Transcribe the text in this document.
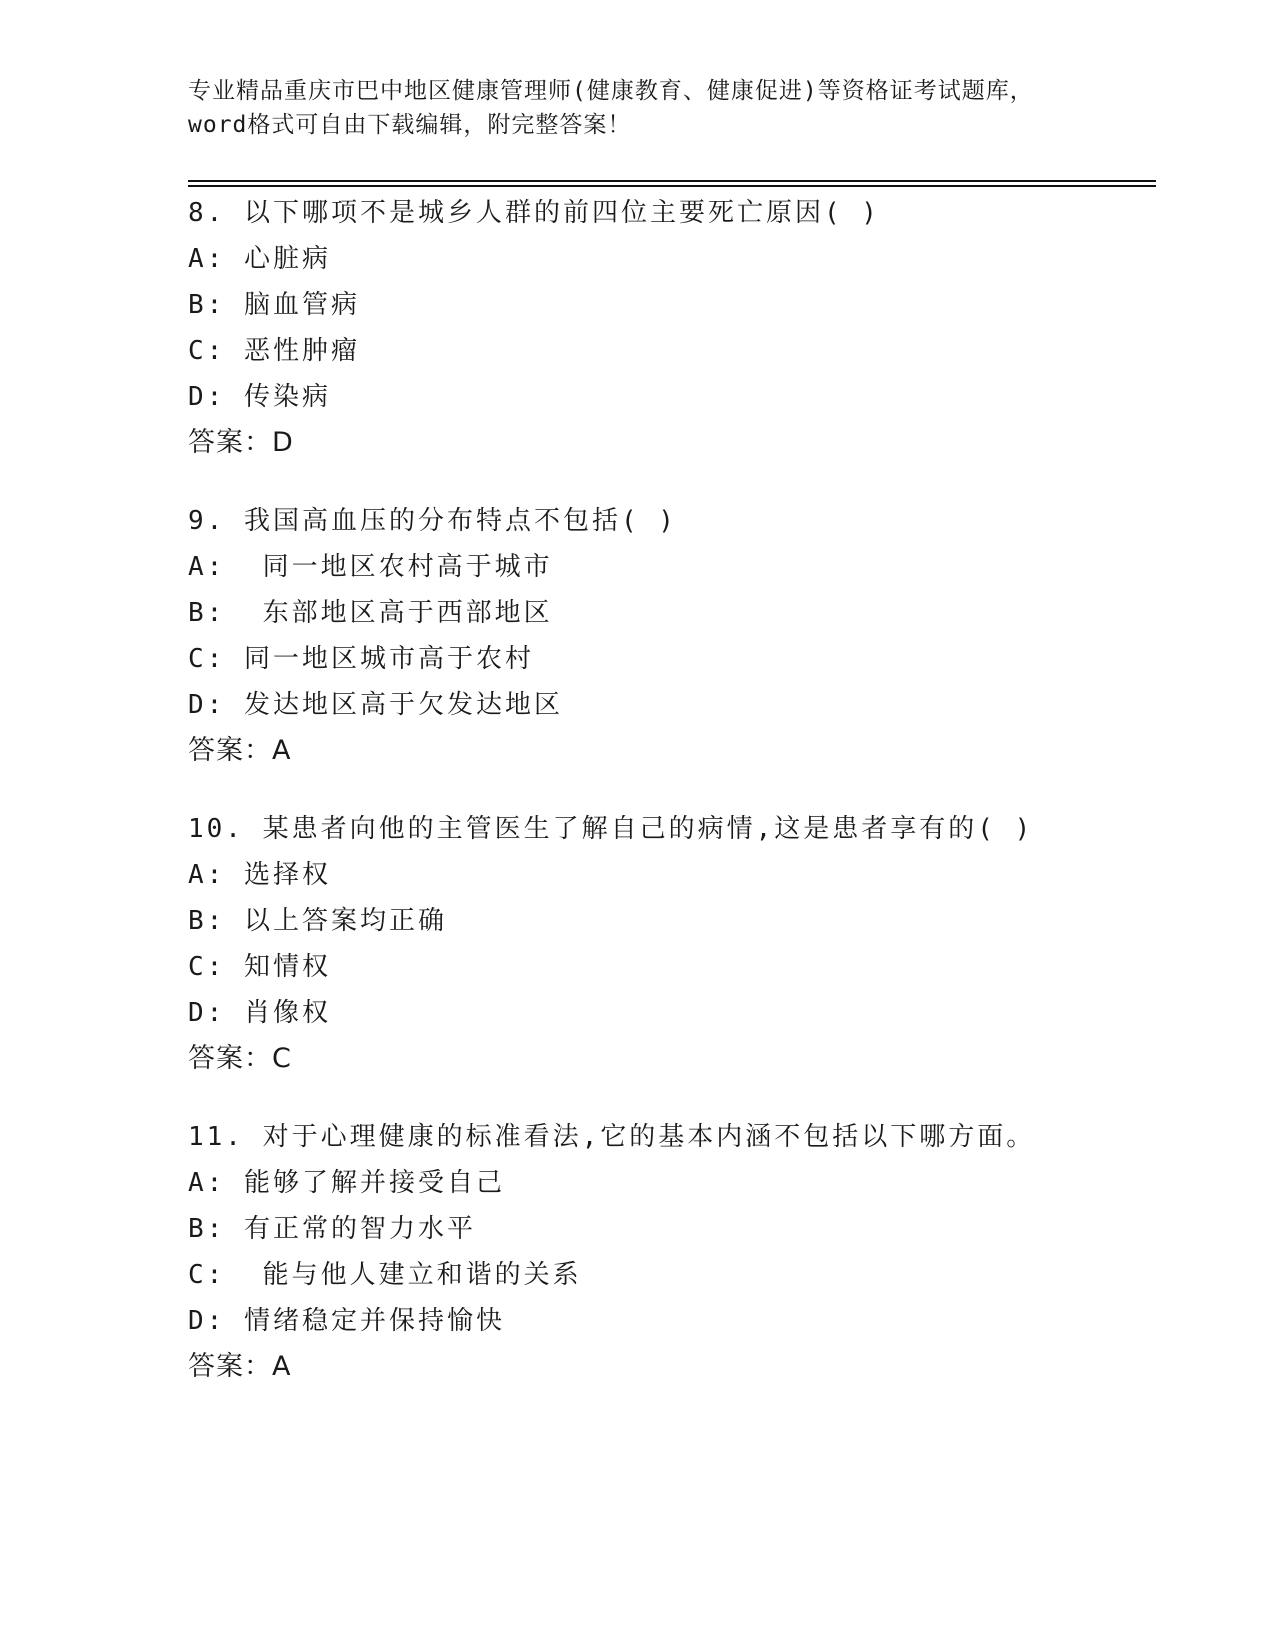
专业精品重庆市巴中地区健康管理师(健康教育、健康促进)等资格证考试题库，
word格式可自由下载编辑，附完整答案！
8. 以下哪项不是城乡人群的前四位主要死亡原因( )
A: 心脏病
B: 脑血管病
C: 恶性肿瘤
D: 传染病
答案：D
9. 我国高血压的分布特点不包括( )
A:  同一地区农村高于城市
B:  东部地区高于西部地区
C: 同一地区城市高于农村
D: 发达地区高于欠发达地区
答案：A
10. 某患者向他的主管医生了解自己的病情,这是患者享有的( )
A: 选择权
B: 以上答案均正确
C: 知情权
D: 肖像权
答案：C
11. 对于心理健康的标准看法,它的基本内涵不包括以下哪方面。
A: 能够了解并接受自己
B: 有正常的智力水平
C:  能与他人建立和谐的关系
D: 情绪稳定并保持愉快
答案：A
